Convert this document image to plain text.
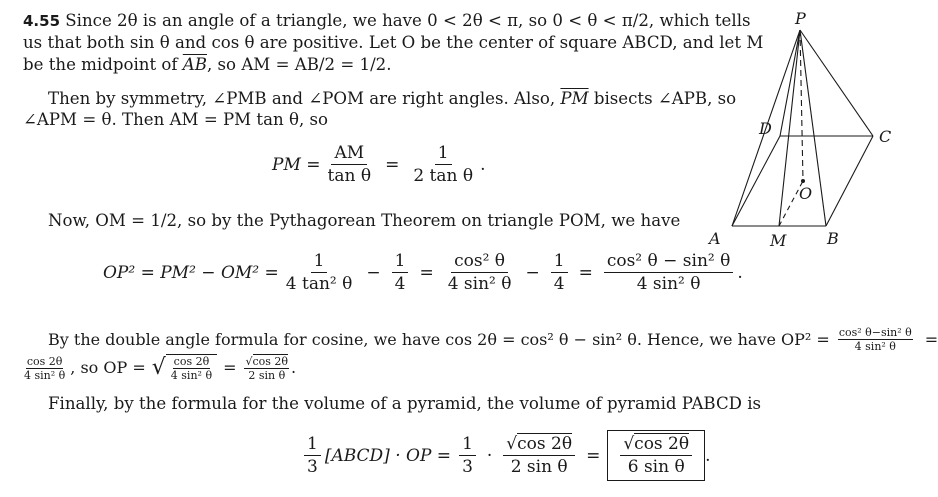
4.55 Since 2θ is an angle of a triangle, we have 0 < 2θ < π, so 0 < θ < π/2, which tells
us that both sin θ and cos θ are positive. Let O be the center of square ABCD, and let M
be the midpoint of $\overline{AB}$, so AM = AB/2 = 1/2.
Then by symmetry, ∠PMB and ∠POM are right angles. Also, $\overline{PM}$ bisects ∠APB, so
∠APM = θ. Then AM = PM tan θ, so
PM = $\frac{AM}{\text{tan θ}} = \frac{1}{\text{2 tan θ}}$ .
Now, OM = 1/2, so by the Pythagorean Theorem on triangle POM, we have
$OP^2 = PM^2 - OM^2 = \frac{1}{\text{4 tan² θ}} - \frac{1}{4} = \frac{\text{cos² θ}}{\text{4 sin² θ}} - \frac{1}{4} = \frac{\text{cos² θ − sin² θ}}{\text{4 sin² θ}}$ .
By the double angle formula for cosine, we have cos 2θ = cos² θ − sin² θ. Hence, we have $OP^2 = \frac{\text{cos² θ−sin² θ}}{\text{4 sin² θ}}$ =
$\frac{\cos 2\theta}{\text{4 sin² θ}}$ , so OP = √ $\frac{\cos 2\theta}{\text{4 sin² θ}} = \frac{√\cos 2\theta}{\text{2 sin θ}}$ .
Finally, by the formula for the volume of a pyramid, the volume of pyramid PABCD is
$\frac{1}{3}$ [ABCD] · OP = $\frac{1}{3} \cdot \frac{√\cos 2\theta}{\text{2 sin θ}} = \frac{√\cos 2\theta}{\text{6 sin θ}}$ .
P
A	B
C
D
M
O
